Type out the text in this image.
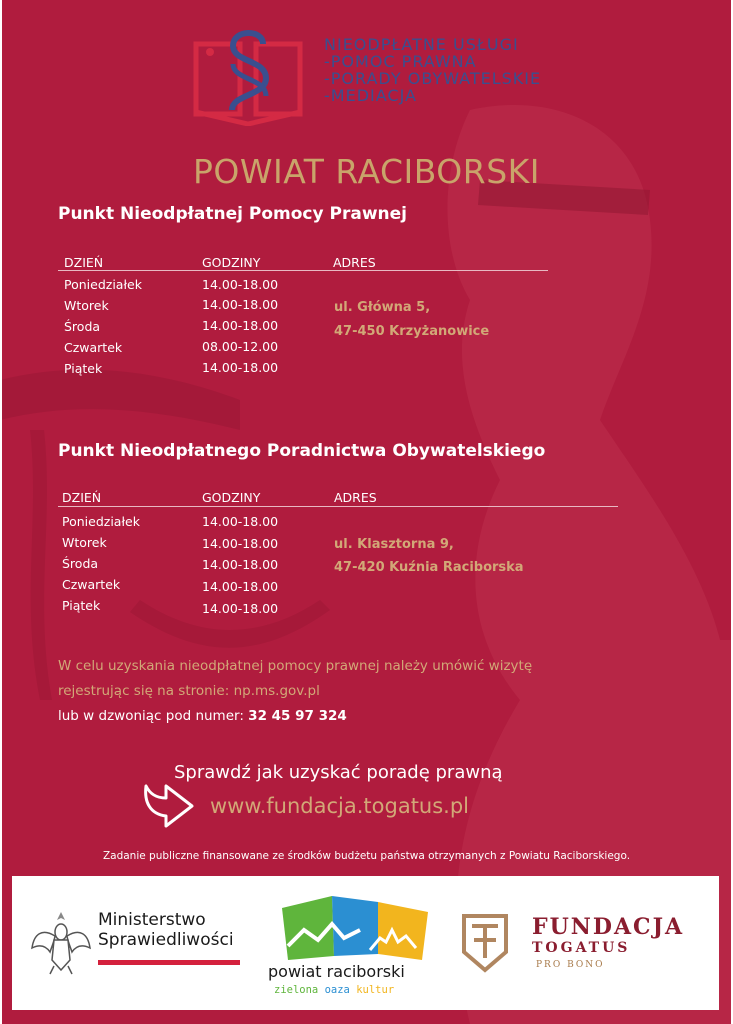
NIEODPŁATNE USŁUGI
-POMOC PRAWNA
-PORADY OBYWATELSKIE
-MEDIACJA
POWIAT RACIBORSKI
Punkt Nieodpłatnej Pomocy Prawnej
DZIEŃ	GODZINY	ADRES
Poniedziałek	14.00-18.00
Wtorek	14.00-18.00
Środa	14.00-18.00
Czwartek	08.00-12.00
Piątek	14.00-18.00
ul. Główna 5,
47-450 Krzyżanowice
Punkt Nieodpłatnego Poradnictwa Obywatelskiego
DZIEŃ	GODZINY	ADRES
Poniedziałek	14.00-18.00
Wtorek	14.00-18.00
Środa	14.00-18.00
Czwartek	14.00-18.00
Piątek	14.00-18.00
ul. Klasztorna 9,
47-420 Kuźnia Raciborska
W celu uzyskania nieodpłatnej pomocy prawnej należy umówić wizytę
rejestrując się na stronie: np.ms.gov.pl
lub w dzwoniąc pod numer: 32 45 97 324
Sprawdź jak uzyskać poradę prawną
www.fundacja.togatus.pl
Zadanie publiczne finansowane ze środków budżetu państwa otrzymanych z Powiatu Raciborskiego.
Ministerstwo
Sprawiedliwości
powiat raciborski
zielona oaza kultur
FUNDACJA
TOGATUS
PRO BONO
